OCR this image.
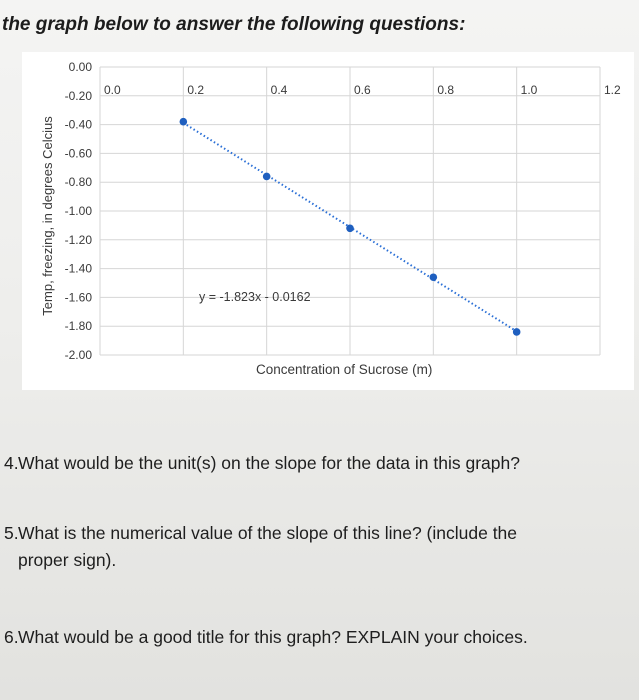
the graph below to answer the following questions:
0.00
-0.20
-0.40
-0.60
-0.80
-1.00
-1.20
-1.40
-1.60
-1.80
-2.00
0.0	0.2	0.4	0.6	0.8	1.0	1.2
y = -1.823x - 0.0162
Concentration of Sucrose (m)
Temp, freezing, in degrees Celcius
4.What would be the unit(s) on the slope for the data in this graph?
5.What is the numerical value of the slope of this line? (include the
proper sign).
6.What would be a good title for this graph? EXPLAIN your choices.
